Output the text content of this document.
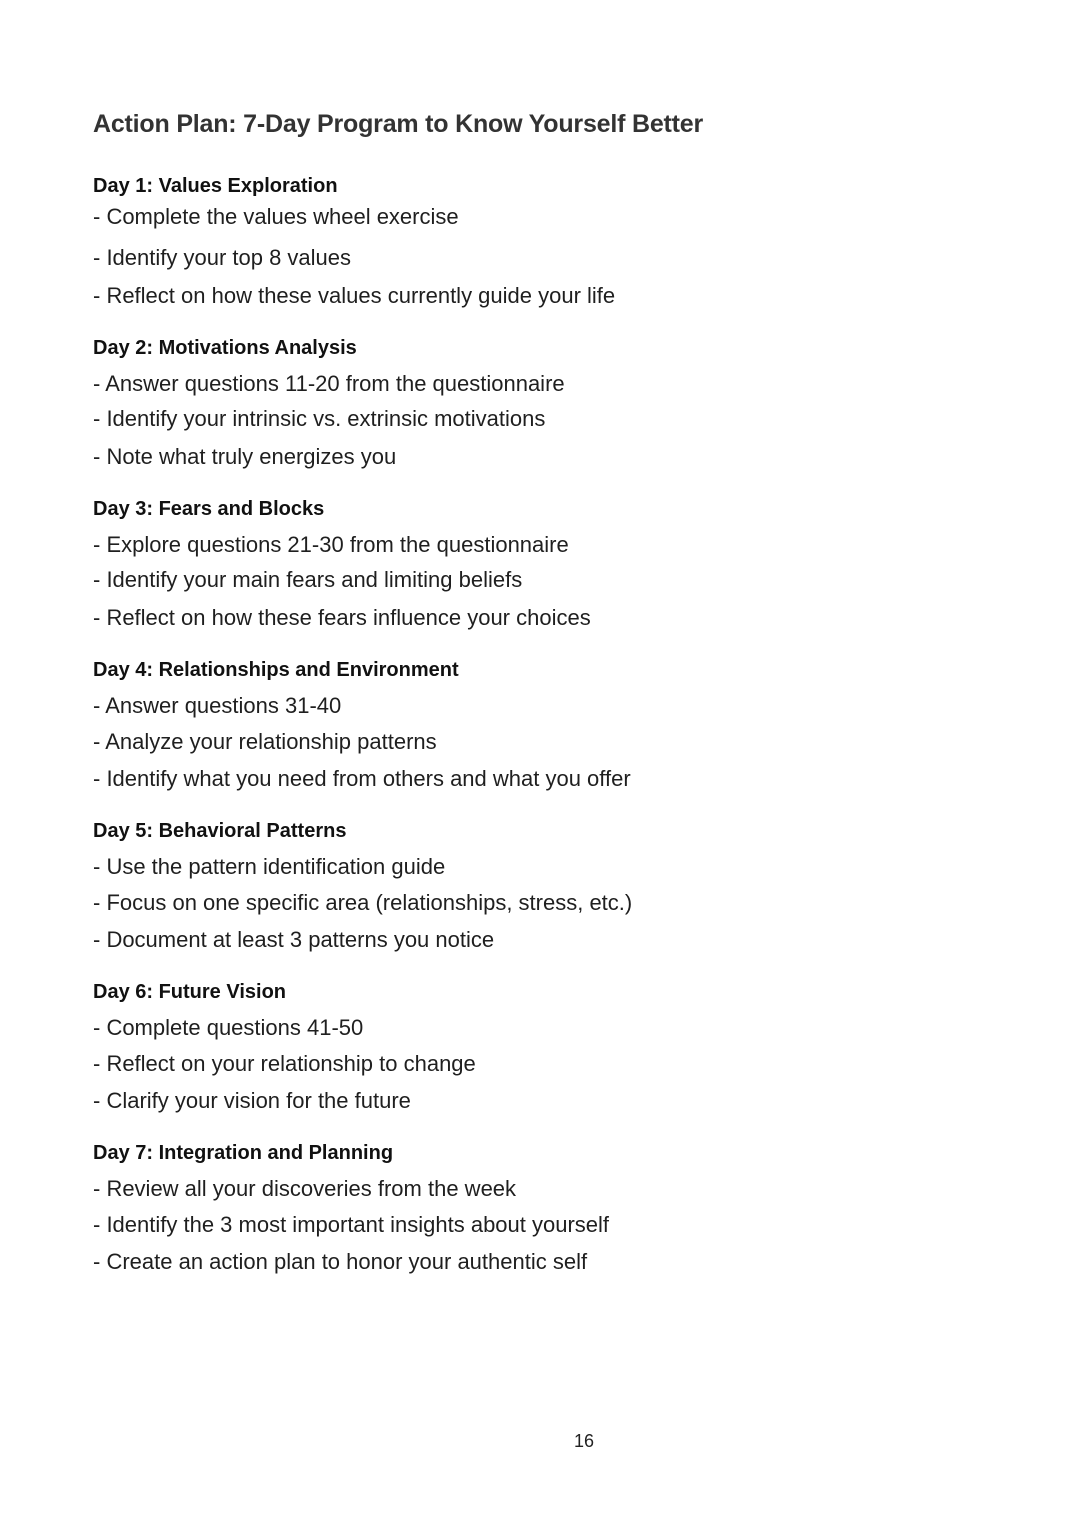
Action Plan: 7-Day Program to Know Yourself Better
Day 1: Values Exploration
- Complete the values wheel exercise
- Identify your top 8 values
- Reflect on how these values currently guide your life
Day 2: Motivations Analysis
- Answer questions 11-20 from the questionnaire
- Identify your intrinsic vs. extrinsic motivations
- Note what truly energizes you
Day 3: Fears and Blocks
- Explore questions 21-30 from the questionnaire
- Identify your main fears and limiting beliefs
- Reflect on how these fears influence your choices
Day 4: Relationships and Environment
- Answer questions 31-40
- Analyze your relationship patterns
- Identify what you need from others and what you offer
Day 5: Behavioral Patterns
- Use the pattern identification guide
- Focus on one specific area (relationships, stress, etc.)
- Document at least 3 patterns you notice
Day 6: Future Vision
- Complete questions 41-50
- Reflect on your relationship to change
- Clarify your vision for the future
Day 7: Integration and Planning
- Review all your discoveries from the week
- Identify the 3 most important insights about yourself
- Create an action plan to honor your authentic self
16
